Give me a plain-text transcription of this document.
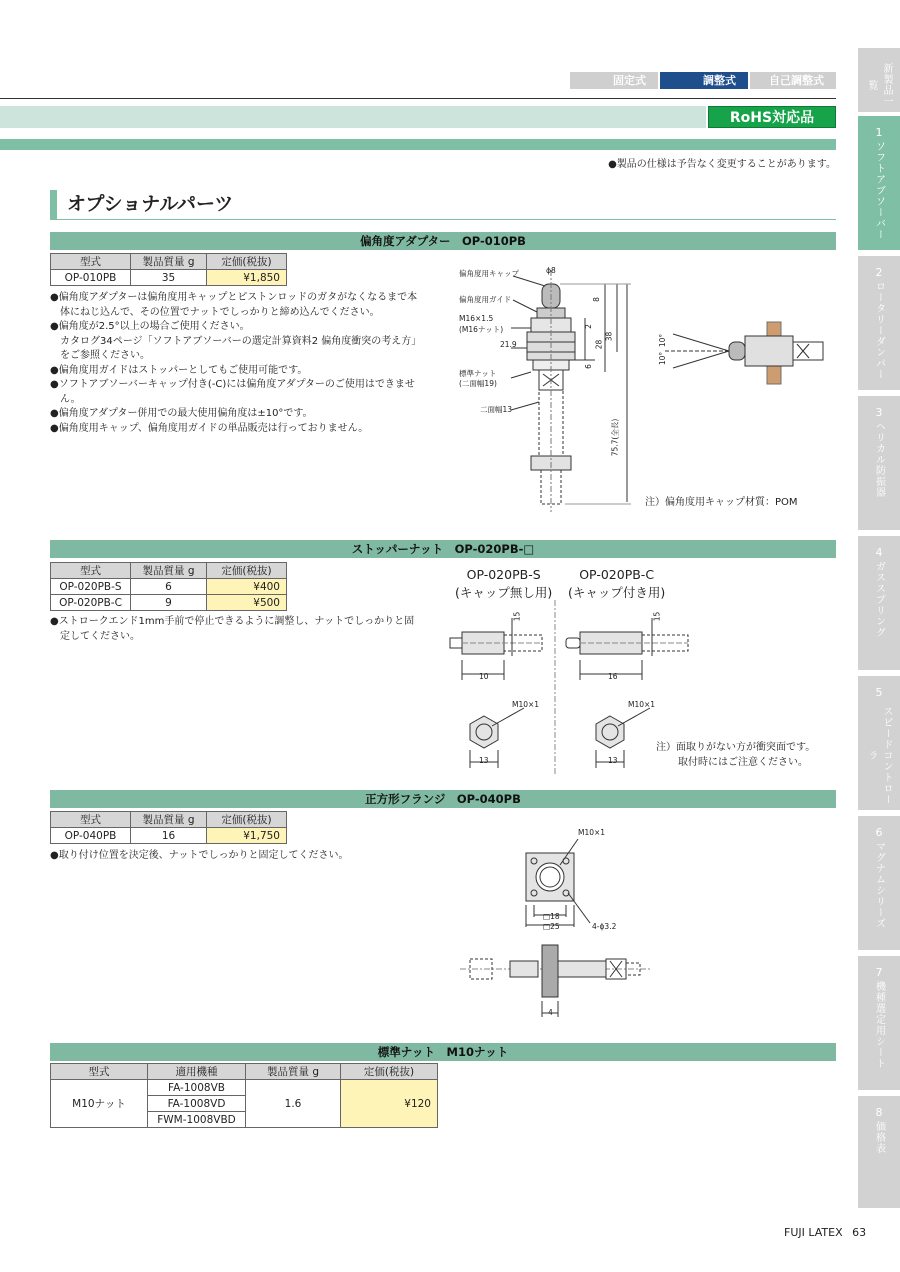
固定式	調整式	自己調整式
RoHS対応品
●製品の仕様は予告なく変更することがあります。
オプショナルパーツ
偏角度アダプター　OP-010PB
型式	製品質量 g	定価(税抜)
OP-010PB	35	¥1,850
●偏角度アダプターは偏角度用キャップとピストンロッドのガタがなくなるまで本体にねじ込んで、その位置でナットでしっかりと締め込んでください。
●偏角度が2.5°以上の場合ご使用ください。
カタログ34ページ「ソフトアブソーバーの選定計算資料2 偏角度衝突の考え方」をご参照ください。
●偏角度用ガイドはストッパーとしてもご使用可能です。
●ソフトアブソーバーキャップ付き(-C)には偏角度アダプターのご使用はできません。
●偏角度アダプター併用での最大使用偏角度は±10°です。
●偏角度用キャップ、偏角度用ガイドの単品販売は行っておりません。
偏角度用キャップ
偏角度用ガイド
M16×1.5
(M16ナット)
21.9
標準ナット
(二面幅19)
二面幅13
ϕ8
8
2
28
38
6
75.7(全長)
10°
10°
注）偏角度用キャップ材質：POM
ストッパーナット　OP-020PB-□
型式	製品質量 g	定価(税抜)
OP-020PB-S	6	¥400
OP-020PB-C	9	¥500
●ストロークエンド1mm手前で停止できるように調整し、ナットでしっかりと固定してください。
OP-020PB-S
(キャップ無し用)
OP-020PB-C
(キャップ付き用)
15
10
15
16
M10×1
13
M10×1
13
注）面取りがない方が衝突面です。
取付時にはご注意ください。
正方形フランジ　OP-040PB
型式	製品質量 g	定価(税抜)
OP-040PB	16	¥1,750
●取り付け位置を決定後、ナットでしっかりと固定してください。
M10×1
□18
□25	4-ϕ3.2
4
標準ナット　M10ナット
型式	適用機種	製品質量 g	定価(税抜)
M10ナット	FA-1008VB	1.6	¥120
	FA-1008VD		
	FWM-1008VBD		
新製品一覧
1
ソフトアブソーバー
2
ロータリーダンパー
3
ヘリカル防振器
4
ガススプリング
5
スピードコントローラ
6
マグナムシリーズ
7
機種選定用シート
8
価格表
FUJI LATEX 63
